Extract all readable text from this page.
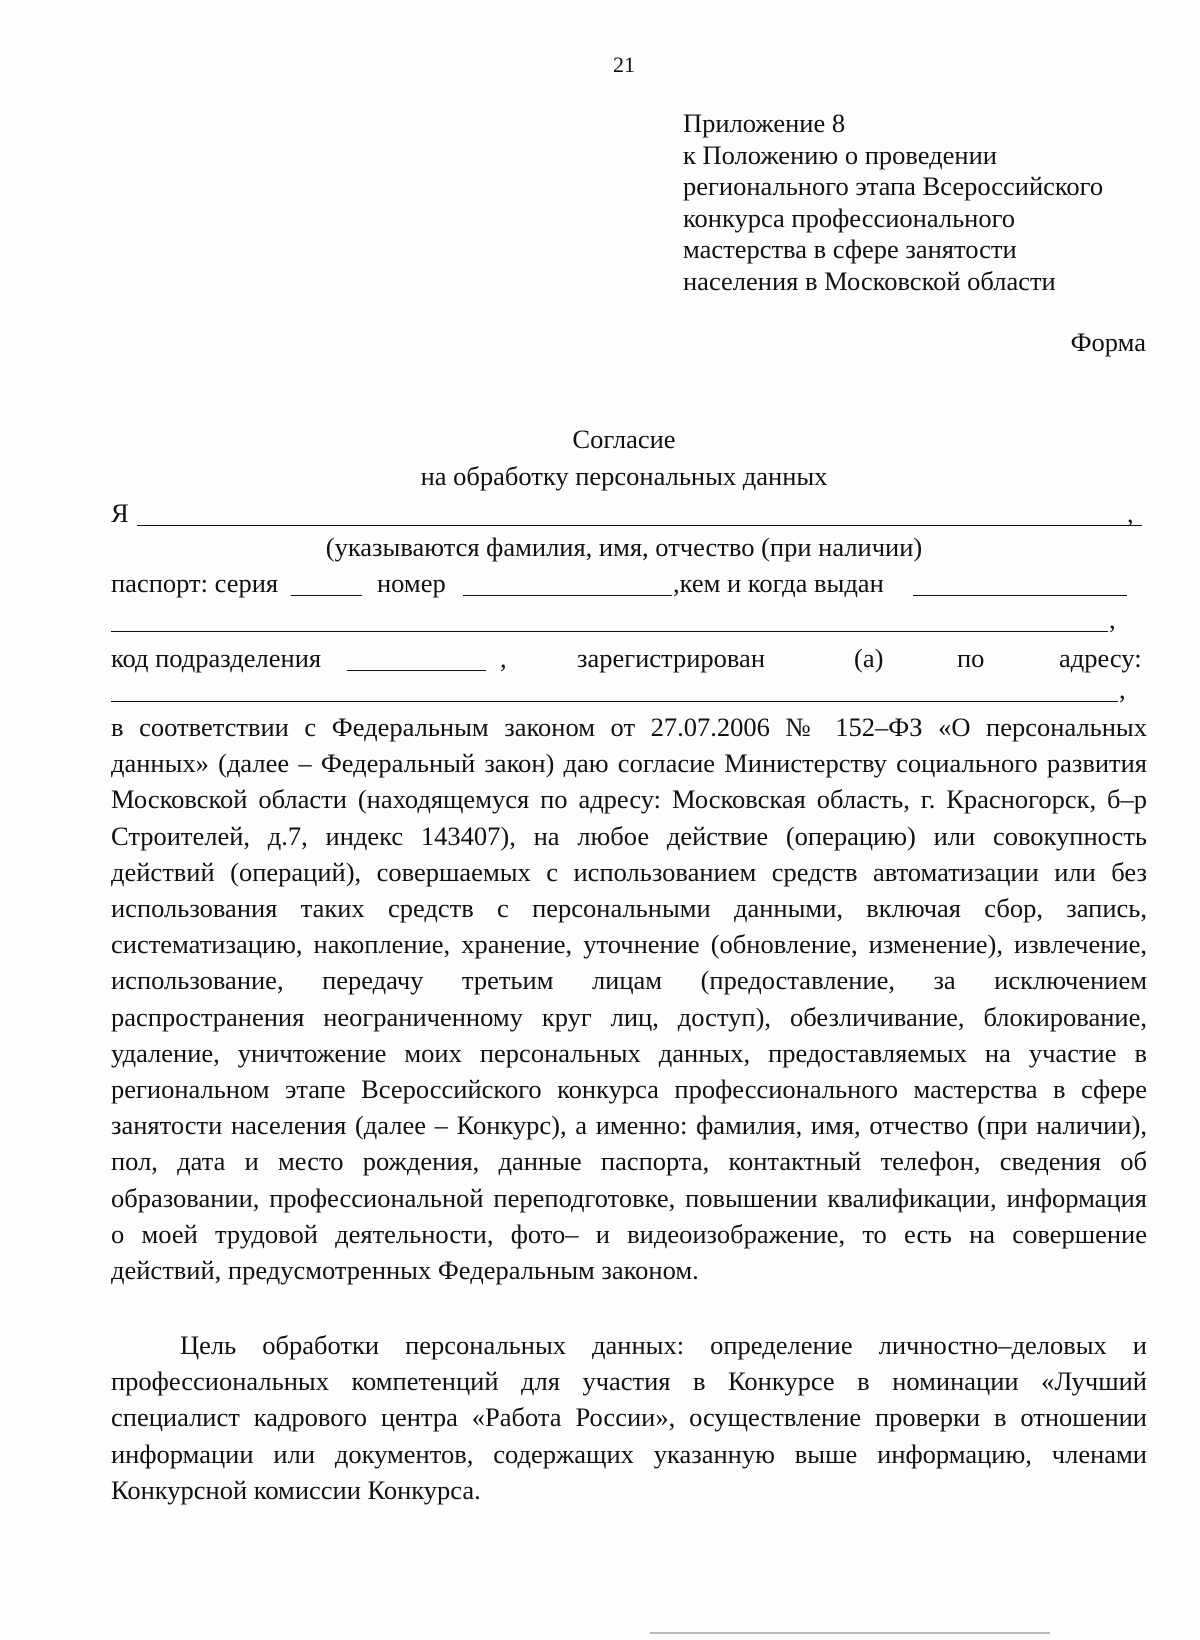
21
Приложение 8
к Положению о проведении
регионального этапа Всероссийского
конкурса профессионального
мастерства в сфере занятости
населения в Московской области
Форма
Согласие
на обработку персональных данных
Я	,
(указываются фамилия, имя, отчество (при наличии)
паспорт: серия	номер	,кем и когда выдан
,
код подразделения	,	зарегистрирован	(а)	по	адресу:
,
в соответствии с Федеральным законом от 27.07.2006 № 152–ФЗ «О персональных данных» (далее – Федеральный закон) даю согласие Министерству социального развития Московской области (находящемуся по адресу: Московская область, г. Красногорск, б–р Строителей, д.7, индекс 143407), на любое действие (операцию) или совокупность действий (операций), совершаемых с использованием средств автоматизации или без использования таких средств с персональными данными, включая сбор, запись, систематизацию, накопление, хранение, уточнение (обновление, изменение), извлечение, использование, передачу третьим лицам (предоставление, за исключением распространения неограниченному круг лиц, доступ), обезличивание, блокирование, удаление, уничтожение моих персональных данных, предоставляемых на участие в региональном этапе Всероссийского конкурса профессионального мастерства в сфере занятости населения (далее – Конкурс), а именно: фамилия, имя, отчество (при наличии), пол, дата и место рождения, данные паспорта, контактный телефон, сведения об образовании, профессиональной переподготовке, повышении квалификации, информация о моей трудовой деятельности, фото– и видеоизображение, то есть на совершение действий, предусмотренных Федеральным законом.
Цель обработки персональных данных: определение личностно–деловых и профессиональных компетенций для участия в Конкурсе в номинации «Лучший специалист кадрового центра «Работа России», осуществление проверки в отношении информации или документов, содержащих указанную выше информацию, членами Конкурсной комиссии Конкурса.
